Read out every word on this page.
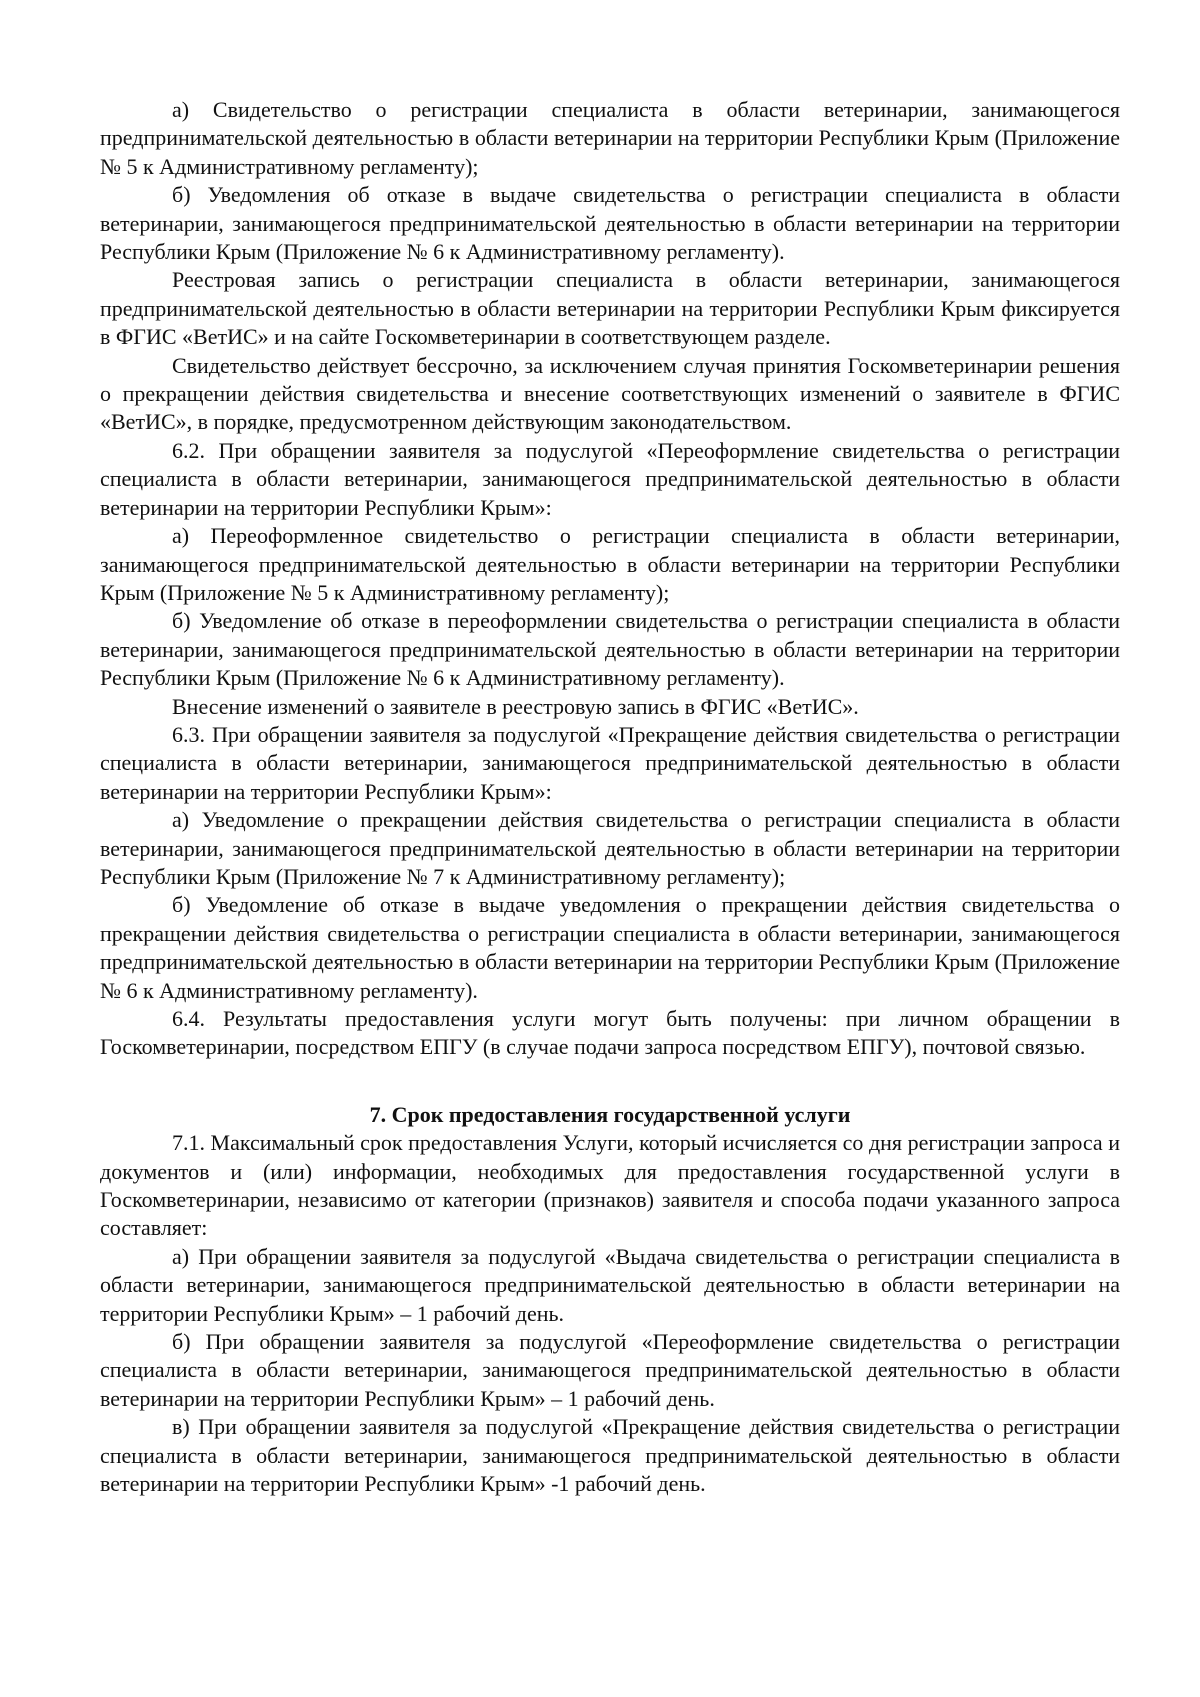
а) Свидетельство о регистрации специалиста в области ветеринарии, занимающегося предпринимательской деятельностью в области ветеринарии на территории Республики Крым (Приложение № 5 к Административному регламенту);

б) Уведомления об отказе в выдаче свидетельства о регистрации специалиста в области ветеринарии, занимающегося предпринимательской деятельностью в области ветеринарии на территории Республики Крым (Приложение № 6 к Административному регламенту).

Реестровая запись о регистрации специалиста в области ветеринарии, занимающегося предпринимательской деятельностью в области ветеринарии на территории Республики Крым фиксируется в ФГИС «ВетИС» и на сайте Госкомветеринарии в соответствующем разделе.

Свидетельство действует бессрочно, за исключением случая принятия Госкомветеринарии решения о прекращении действия свидетельства и внесение соответствующих изменений о заявителе в ФГИС «ВетИС», в порядке, предусмотренном действующим законодательством.

6.2. При обращении заявителя за подуслугой «Переоформление свидетельства о регистрации специалиста в области ветеринарии, занимающегося предпринимательской деятельностью в области ветеринарии на территории Республики Крым»:

а) Переоформленное свидетельство о регистрации специалиста в области ветеринарии, занимающегося предпринимательской деятельностью в области ветеринарии на территории Республики Крым (Приложение № 5 к Административному регламенту);

б) Уведомление об отказе в переоформлении свидетельства о регистрации специалиста в области ветеринарии, занимающегося предпринимательской деятельностью в области ветеринарии на территории Республики Крым (Приложение № 6 к Административному регламенту).

Внесение изменений о заявителе в реестровую запись в ФГИС «ВетИС».

6.3. При обращении заявителя за подуслугой «Прекращение действия свидетельства о регистрации специалиста в области ветеринарии, занимающегося предпринимательской деятельностью в области ветеринарии на территории Республики Крым»:

а) Уведомление о прекращении действия свидетельства о регистрации специалиста в области ветеринарии, занимающегося предпринимательской деятельностью в области ветеринарии на территории Республики Крым (Приложение № 7 к Административному регламенту);

б) Уведомление об отказе в выдаче уведомления о прекращении действия свидетельства о прекращении действия свидетельства о регистрации специалиста в области ветеринарии, занимающегося предпринимательской деятельностью в области ветеринарии на территории Республики Крым (Приложение № 6 к Административному регламенту).

6.4. Результаты предоставления услуги могут быть получены: при личном обращении в Госкомветеринарии, посредством ЕПГУ (в случае подачи запроса посредством ЕПГУ), почтовой связью.

7. Срок предоставления государственной услуги

7.1. Максимальный срок предоставления Услуги, который исчисляется со дня регистрации запроса и документов и (или) информации, необходимых для предоставления государственной услуги в Госкомветеринарии, независимо от категории (признаков) заявителя и способа подачи указанного запроса составляет:

а) При обращении заявителя за подуслугой «Выдача свидетельства о регистрации специалиста в области ветеринарии, занимающегося предпринимательской деятельностью в области ветеринарии на территории Республики Крым» – 1 рабочий день.

б) При обращении заявителя за подуслугой «Переоформление свидетельства о регистрации специалиста в области ветеринарии, занимающегося предпринимательской деятельностью в области ветеринарии на территории Республики Крым» – 1 рабочий день.

в) При обращении заявителя за подуслугой «Прекращение действия свидетельства о регистрации специалиста в области ветеринарии, занимающегося предпринимательской деятельностью в области ветеринарии на территории Республики Крым» -1 рабочий день.
